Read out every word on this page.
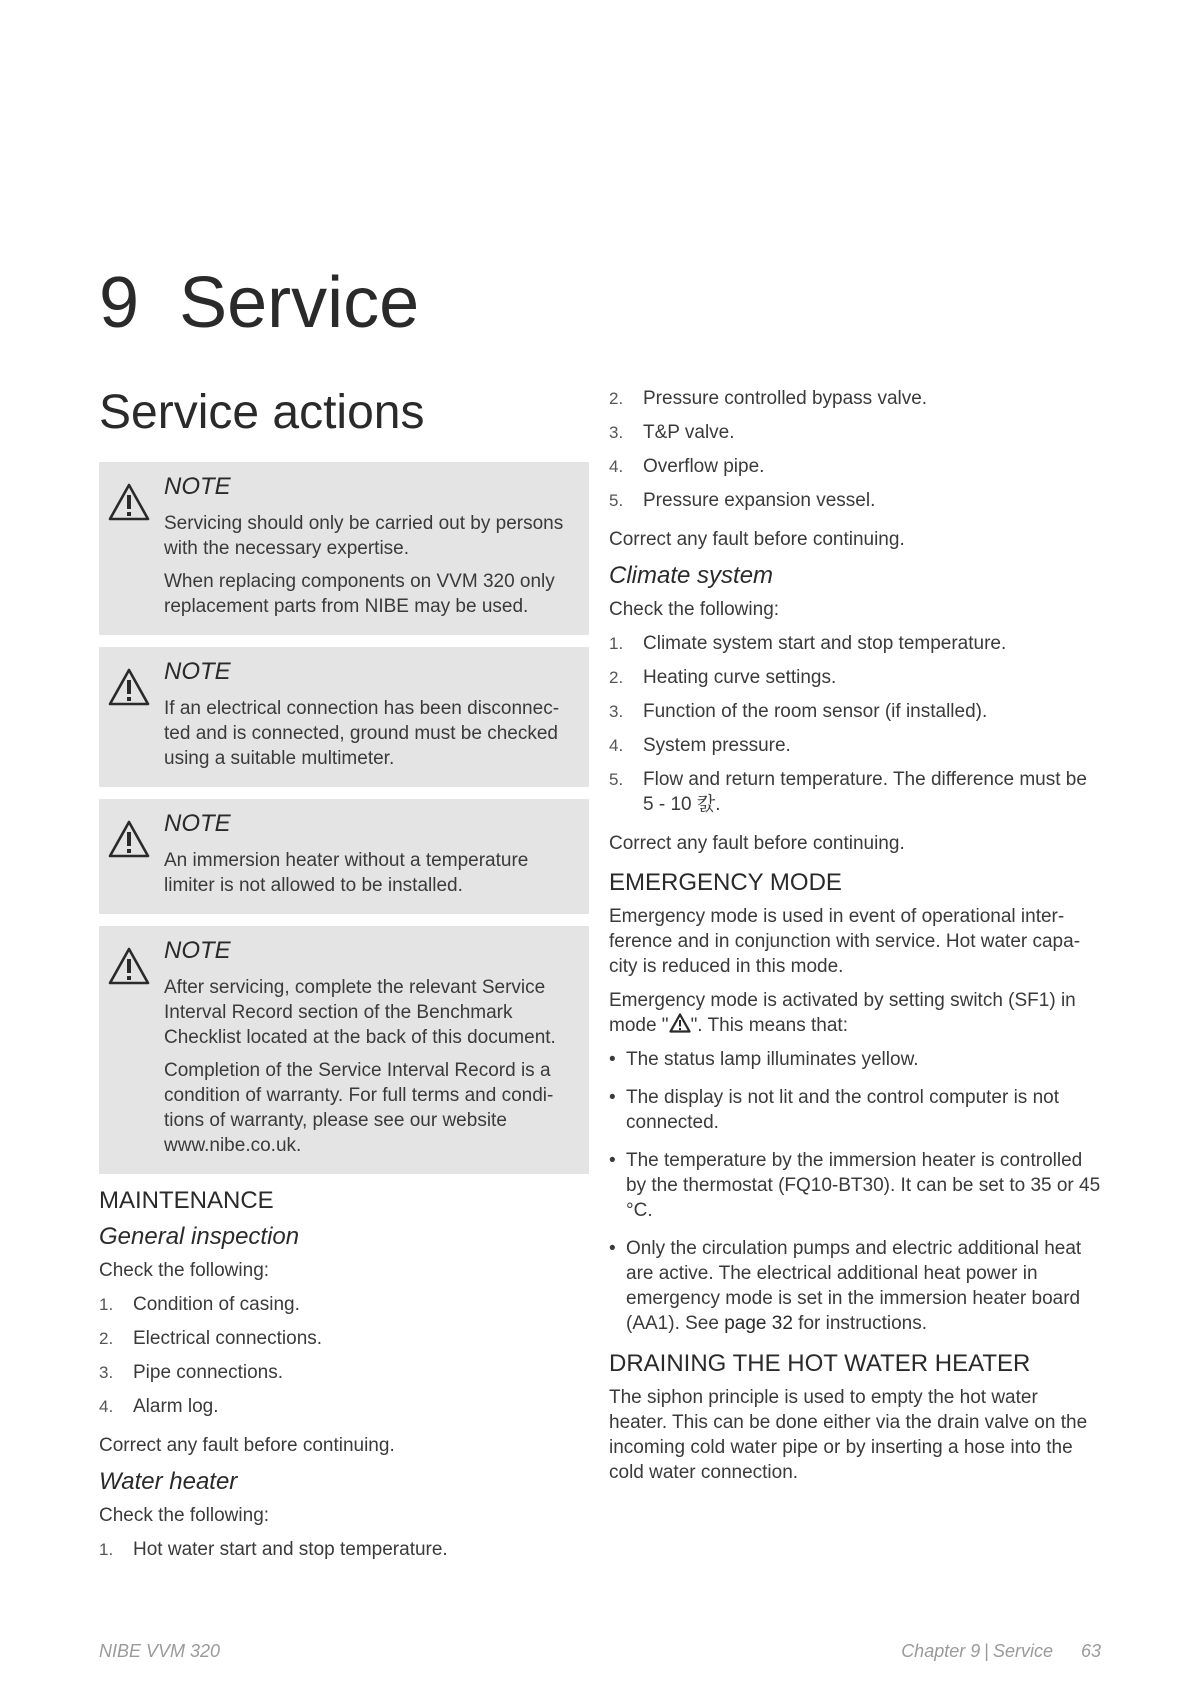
9 Service
Service actions
NOTE

Servicing should only be carried out by persons with the necessary expertise.

When replacing components on VVM 320 only replacement parts from NIBE may be used.

NOTE

If an electrical connection has been disconnec-ted and is connected, ground must be checked using a suitable multimeter.

NOTE

An immersion heater without a temperature limiter is not allowed to be installed.

NOTE

After servicing, complete the relevant Service Interval Record section of the Benchmark Checklist located at the back of this document.

Completion of the Service Interval Record is a condition of warranty. For full terms and condi-tions of warranty, please see our website www.nibe.co.uk.

MAINTENANCE
General inspection

Check the following:

1. Condition of casing.
2. Electrical connections.
3. Pipe connections.
4. Alarm log.

Correct any fault before continuing.

Water heater

Check the following:

1. Hot water start and stop temperature.
2. Pressure controlled bypass valve.
3. T&P valve.
4. Overflow pipe.
5. Pressure expansion vessel.

Correct any fault before continuing.

Climate system

Check the following:

1. Climate system start and stop temperature.
2. Heating curve settings.
3. Function of the room sensor (if installed).
4. System pressure.
5. Flow and return temperature. The difference must be 5 - 10 캀.

Correct any fault before continuing.

EMERGENCY MODE

Emergency mode is used in event of operational inter-ference and in conjunction with service. Hot water capa-city is reduced in this mode.

Emergency mode is activated by setting switch (SF1) in mode " ". This means that:

• The status lamp illuminates yellow.
• The display is not lit and the control computer is not connected.
• The temperature by the immersion heater is controlled by the thermostat (FQ10-BT30). It can be set to 35 or 45 °C.
• Only the circulation pumps and electric additional heat are active. The electrical additional heat power in emergency mode is set in the immersion heater board (AA1). See page 32 for instructions.
DRAINING THE HOT WATER HEATER

The siphon principle is used to empty the hot water heater. This can be done either via the drain valve on the incoming cold water pipe or by inserting a hose into the cold water connection.

NIBE VVM 320	Chapter 9 | Service 63
